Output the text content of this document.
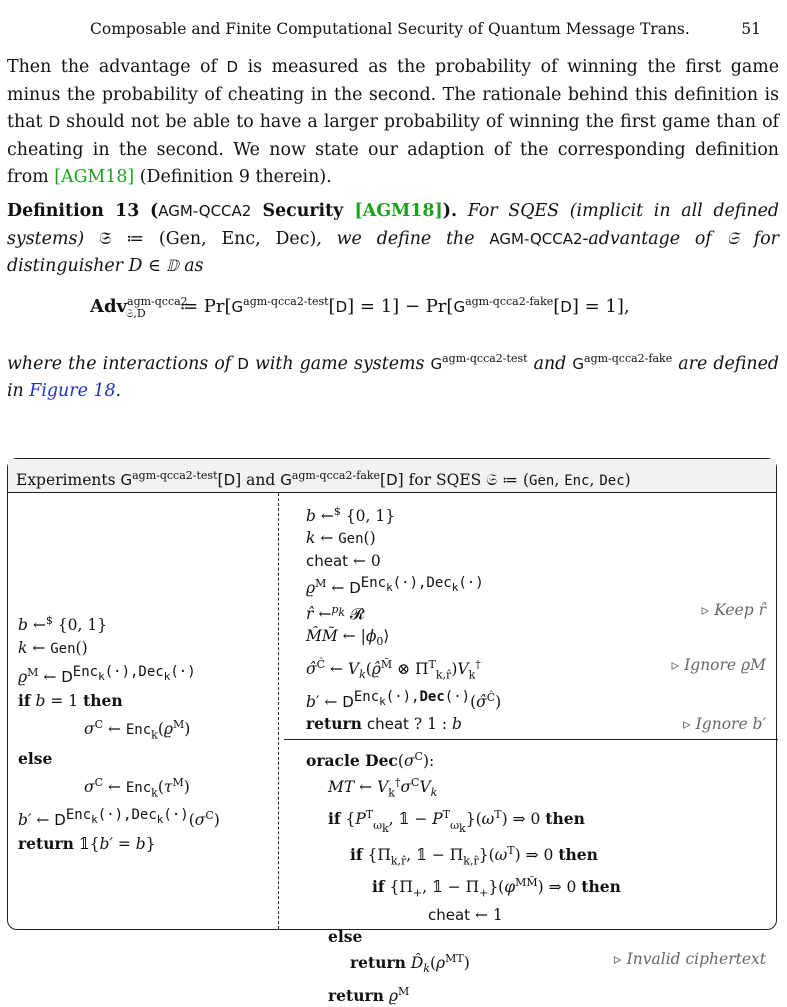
Composable and Finite Computational Security of Quantum Message Trans.	51
Then the advantage of D is measured as the probability of winning the first game minus the probability of cheating in the second. The rationale behind this definition is that D should not be able to have a larger probability of winning the first game than of cheating in the second. We now state our adaption of the corresponding definition from [AGM18] (Definition 9 therein).
Definition 13 (AGM-QCCA2 Security [AGM18]). For SQES (implicit in all defined systems) 𝔖 ≔ (Gen, Enc, Dec), we define the AGM-QCCA2-advantage of 𝔖 for distinguisher D ∈ 𝔻 as
Adv$^{agm-qcca2}_{𝔖,D}$ ≔ $Pr[G^{agm-qcca2-test}[D] = 1] - Pr[G^{agm-qcca2-fake}[D] = 1]$,
where the interactions of D with game systems $G^{agm-qcca2-test}$ and $G^{agm-qcca2-fake}$ are defined in Figure 18.
Experiments $G^{agm-qcca2-test}[D]$ and $G^{agm-qcca2-fake}[D]$ for SQES 𝔖 ≔ (Gen, Enc, Dec)
b ←$ {0, 1}
k ← Gen()
$ϱ^M$ ← $D^{Enc_k(\cdot),Dec_k(\cdot)}$
if b = 1 then
$\sigma^C$ ← $Enc_k(ϱ^M)$
else
$\sigma^C$ ← $Enc_k(\tau^M)$
b′ ← $D^{Enc_k(\cdot),Dec_k(\cdot)}(\sigma^C)$
return 𝟙{b′ = b}
b ←$ {0, 1}
k ← Gen()
cheat ← 0
$ϱ^M$ ← $D^{Enc_k(\cdot),Dec_k(\cdot)}$
r̂ ←$^{p_k}$ 𝓡	▹ Keep r̂
M̂M̃ ← $|\phi_0⟩$
σ̂$^Ĉ$ ← $V_k(ϱ̂^{M̃}$ ⊗ $\Pi^T_{k,r̂})V_k^\dagger$	▹ Ignore ϱM
b′ ← $D^{Enc_k(\cdot),Dec(\cdot)}(\sigmâ^Ĉ)$
return cheat ? 1 : b	▹ Ignore b′
oracle $Dec(\sigma^C)$:
MT ← $V_k^\dagger\sigma^CV_k$
if {$P^T_{\omega_k}$, 𝟙 − $P^T_{\omega_k}\}(\omega^T)$ ⇒ 0 then
if {$\Pi_{k,r̂}$, 𝟙 − $\Pi_{k,r̂}\}(\omega^T)$ ⇒ 0 then
if {$\Pi_+$, 𝟙 − $\Pi_+\}(\varphi^{MM̃})$ ⇒ 0 then
cheat ← 1
else
return $D̂_k(\rho^{MT})$	▹ Invalid ciphertext
return $ϱ^M$
